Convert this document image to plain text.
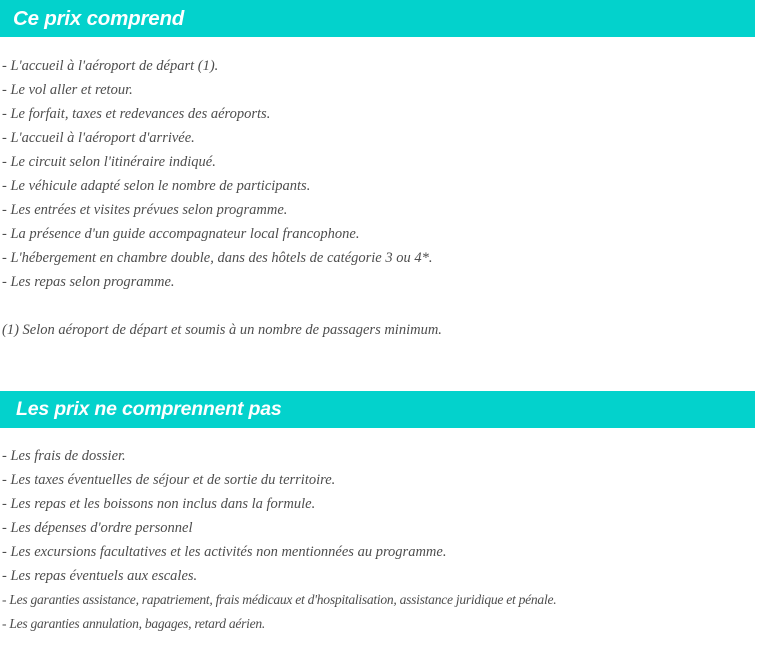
Ce prix comprend
- L'accueil à l'aéroport de départ (1).
- Le vol aller et retour.
- Le forfait, taxes et redevances des aéroports.
- L'accueil à l'aéroport d'arrivée.
- Le circuit selon l'itinéraire indiqué.
- Le véhicule adapté selon le nombre de participants.
- Les entrées et visites prévues selon programme.
- La présence d'un guide accompagnateur local francophone.
- L'hébergement en chambre double, dans des hôtels de catégorie 3 ou 4*.
- Les repas selon programme.
(1) Selon aéroport de départ et soumis à un nombre de passagers minimum.
Les prix ne comprennent pas
- Les frais de dossier.
- Les taxes éventuelles de séjour et de sortie du territoire.
- Les repas et les boissons non inclus dans la formule.
- Les dépenses d'ordre personnel
- Les excursions facultatives et les activités non mentionnées au programme.
- Les repas éventuels aux escales.
- Les garanties assistance, rapatriement, frais médicaux et d'hospitalisation, assistance juridique et pénale.
- Les garanties annulation, bagages, retard aérien.
